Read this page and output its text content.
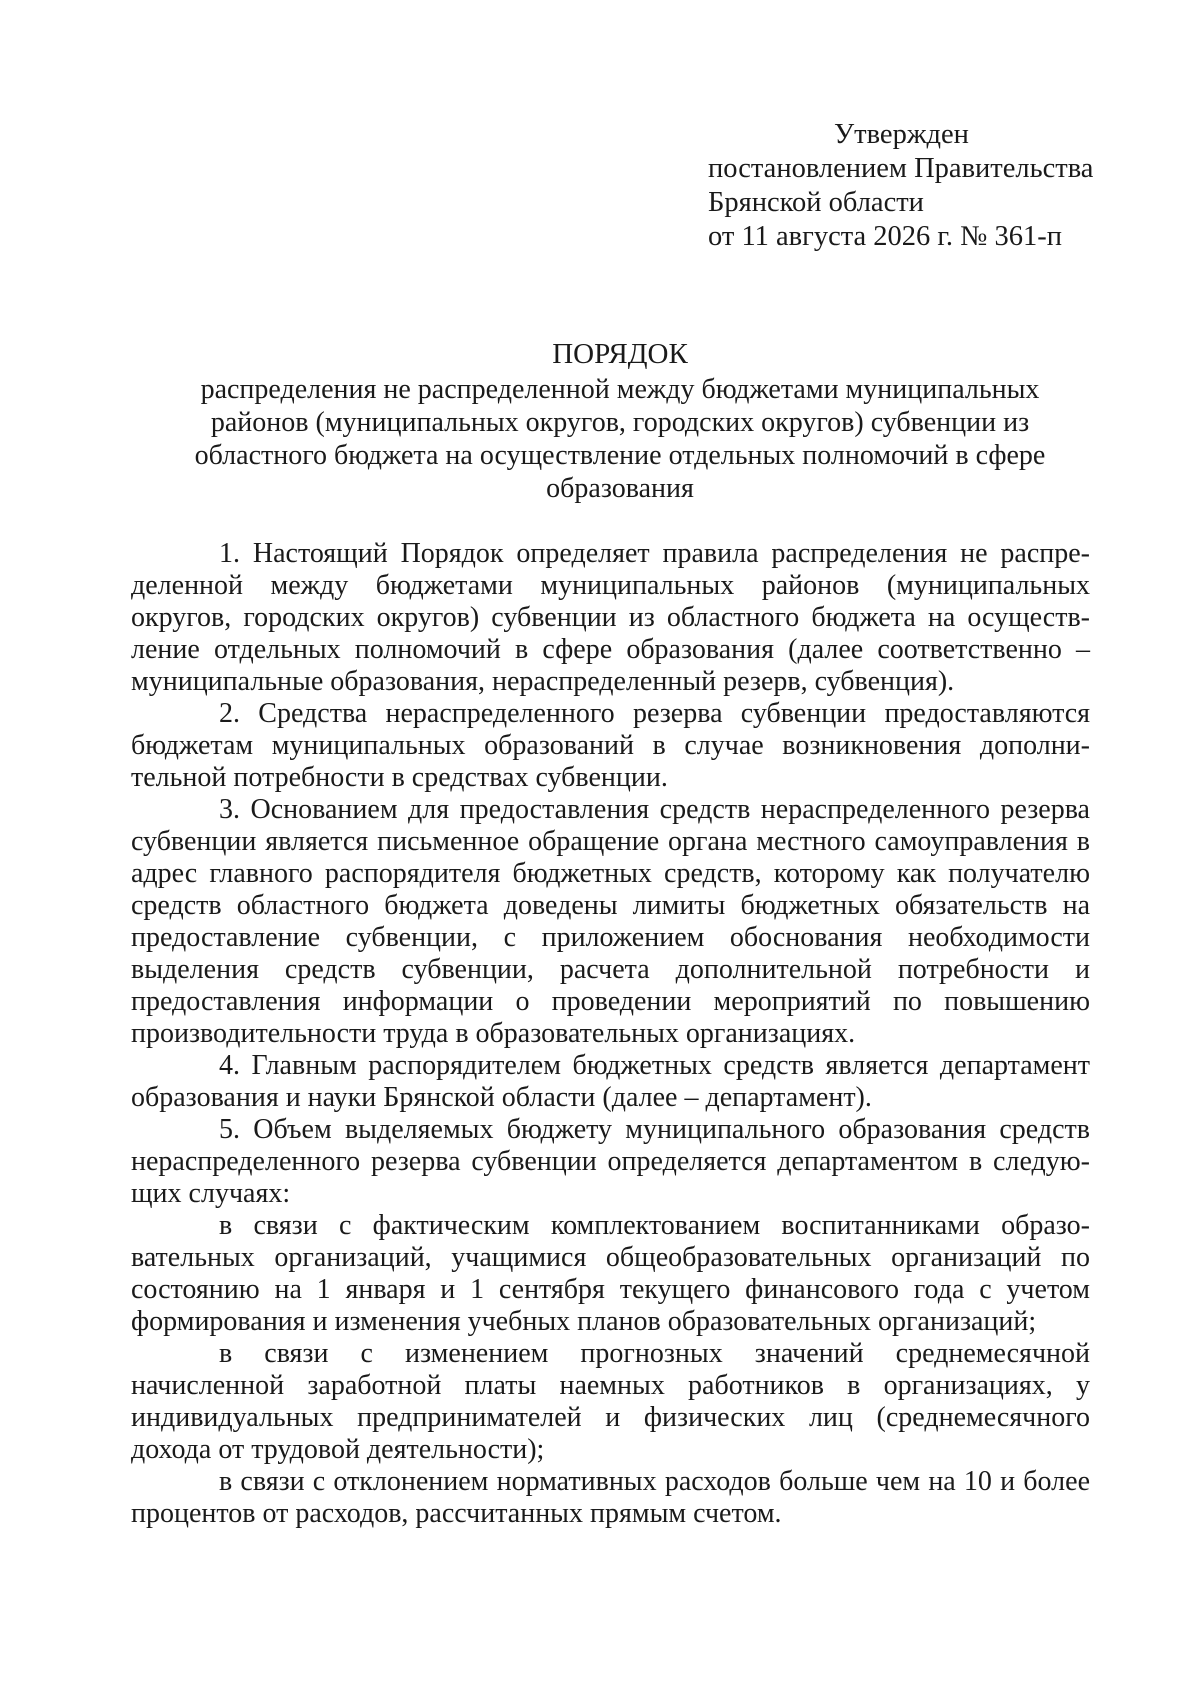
Утвержден
постановлением Правительства
Брянской области
от 11 августа 2026 г. № 361-п
ПОРЯДОК
распределения не распределенной между бюджетами муниципальных районов (муниципальных округов, городских округов) субвенции из областного бюджета на осуществление отдельных полномочий в сфере образования

1. Настоящий Порядок определяет правила распределения не распределенной между бюджетами муниципальных районов (муниципальных округов, городских округов) субвенции из областного бюджета на осуществление отдельных полномочий в сфере образования (далее соответственно – муниципальные образования, нераспределенный резерв, субвенция).

2. Средства нераспределенного резерва субвенции предоставляются бюджетам муниципальных образований в случае возникновения дополнительной потребности в средствах субвенции.

3. Основанием для предоставления средств нераспределенного резерва субвенции является письменное обращение органа местного самоуправления в адрес главного распорядителя бюджетных средств, которому как получателю средств областного бюджета доведены лимиты бюджетных обязательств на предоставление субвенции, с приложением обоснования необходимости выделения средств субвенции, расчета дополнительной потребности и предоставления информации о проведении мероприятий по повышению производительности труда в образовательных организациях.

4. Главным распорядителем бюджетных средств является департамент образования и науки Брянской области (далее – департамент).

5. Объем выделяемых бюджету муниципального образования средств нераспределенного резерва субвенции определяется департаментом в следующих случаях:

в связи с фактическим комплектованием воспитанниками образовательных организаций, учащимися общеобразовательных организаций по состоянию на 1 января и 1 сентября текущего финансового года с учетом формирования и изменения учебных планов образовательных организаций;

в связи с изменением прогнозных значений среднемесячной начисленной заработной платы наемных работников в организациях, у индивидуальных предпринимателей и физических лиц (среднемесячного дохода от трудовой деятельности);

в связи с отклонением нормативных расходов больше чем на 10 и более процентов от расходов, рассчитанных прямым счетом.
